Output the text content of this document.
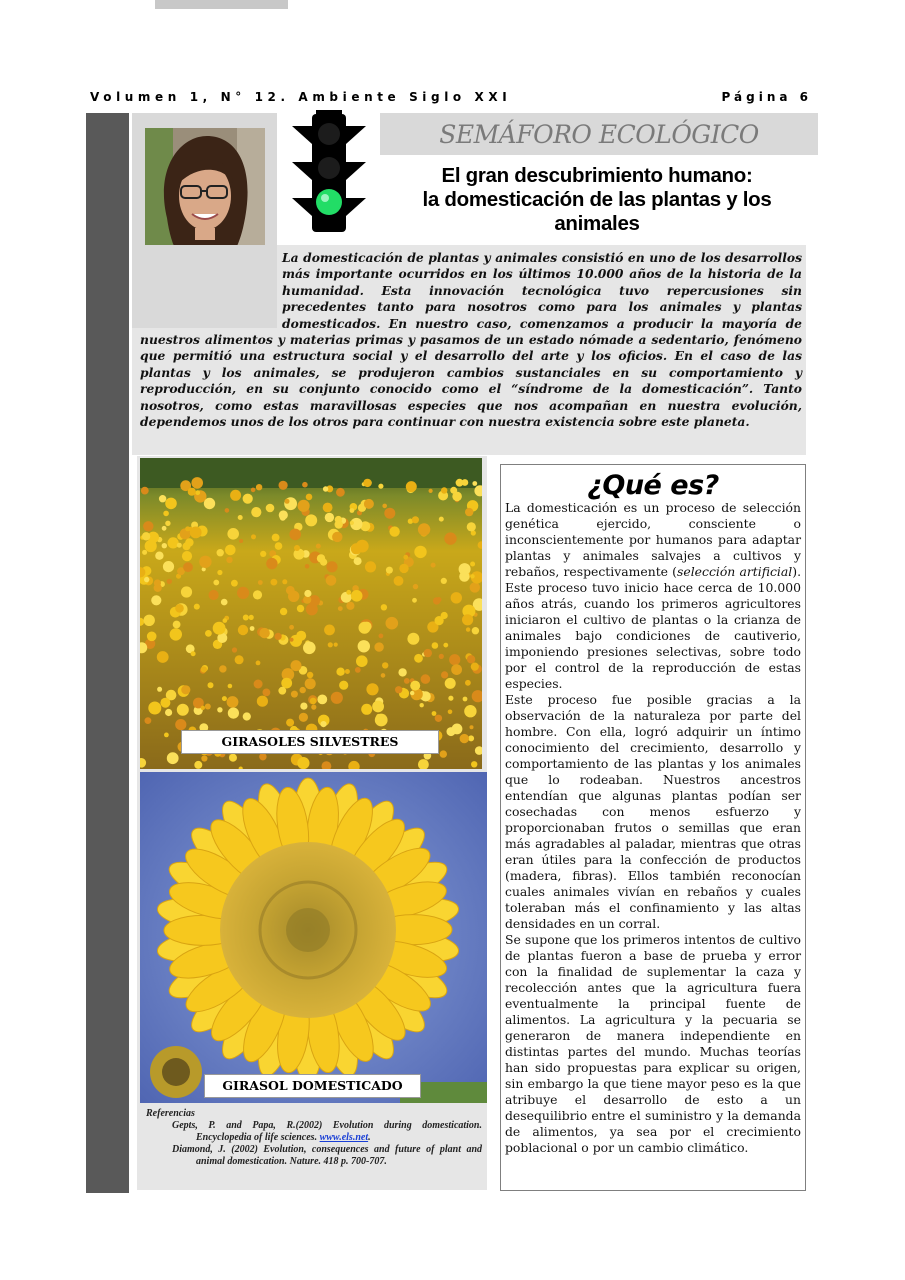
Volumen 1, N° 12. Ambiente Siglo XXI	Página 6
SEMÁFORO ECOLÓGICO
El gran descubrimiento humano:
la domesticación de las plantas y los
animales
La domesticación de plantas y animales consistió en uno de los desarrollos más importante ocurridos en los últimos 10.000 años de la historia de la humanidad. Esta innovación tecnológica tuvo repercusiones sin precedentes tanto para nosotros como para los animales y plantas domesticados. En nuestro caso, comenzamos a producir la mayoría de nuestros alimentos y materias primas y pasamos de un estado nómade a sedentario, fenómeno que permitió una estructura social y el desarrollo del arte y los oficios. En el caso de las plantas y los animales, se produjeron cambios sustanciales en su comportamiento y reproducción, en su conjunto conocido como el “síndrome de la domesticación”. Tanto nosotros, como estas maravillosas especies que nos acompañan en nuestra evolución, dependemos unos de los otros para continuar con nuestra existencia sobre este planeta.
GIRASOLES SILVESTRES
GIRASOL DOMESTICADO
Referencias
Gepts, P. and Papa, R.(2002) Evolution during domestication. Encyclopedia of life sciences. www.els.net.
Diamond, J. (2002) Evolution, consequences and future of plant and animal domestication. Nature. 418 p. 700-707.
¿Qué es?

La domesticación es un proceso de selección genética ejercido, consciente o inconscientemente por humanos para adaptar plantas y animales salvajes a cultivos y rebaños, respectivamente (selección artificial). Este proceso tuvo inicio hace cerca de 10.000 años atrás, cuando los primeros agricultores iniciaron el cultivo de plantas o la crianza de animales bajo condiciones de cautiverio, imponiendo presiones selectivas, sobre todo por el control de la reproducción de estas especies.

Este proceso fue posible gracias a la observación de la naturaleza por parte del hombre. Con ella, logró adquirir un íntimo conocimiento del crecimiento, desarrollo y comportamiento de las plantas y los animales que lo rodeaban. Nuestros ancestros entendían que algunas plantas podían ser cosechadas con menos esfuerzo y proporcionaban frutos o semillas que eran más agradables al paladar, mientras que otras eran útiles para la confección de productos (madera, fibras). Ellos también reconocían cuales animales vivían en rebaños y cuales toleraban más el confinamiento y las altas densidades en un corral.

Se supone que los primeros intentos de cultivo de plantas fueron a base de prueba y error con la finalidad de suplementar la caza y recolección antes que la agricultura fuera eventualmente la principal fuente de alimentos. La agricultura y la pecuaria se generaron de manera independiente en distintas partes del mundo. Muchas teorías han sido propuestas para explicar su origen, sin embargo la que tiene mayor peso es la que atribuye el desarrollo de esto a un desequilibrio entre el suministro y la demanda de alimentos, ya sea por el crecimiento poblacional o por un cambio climático.
